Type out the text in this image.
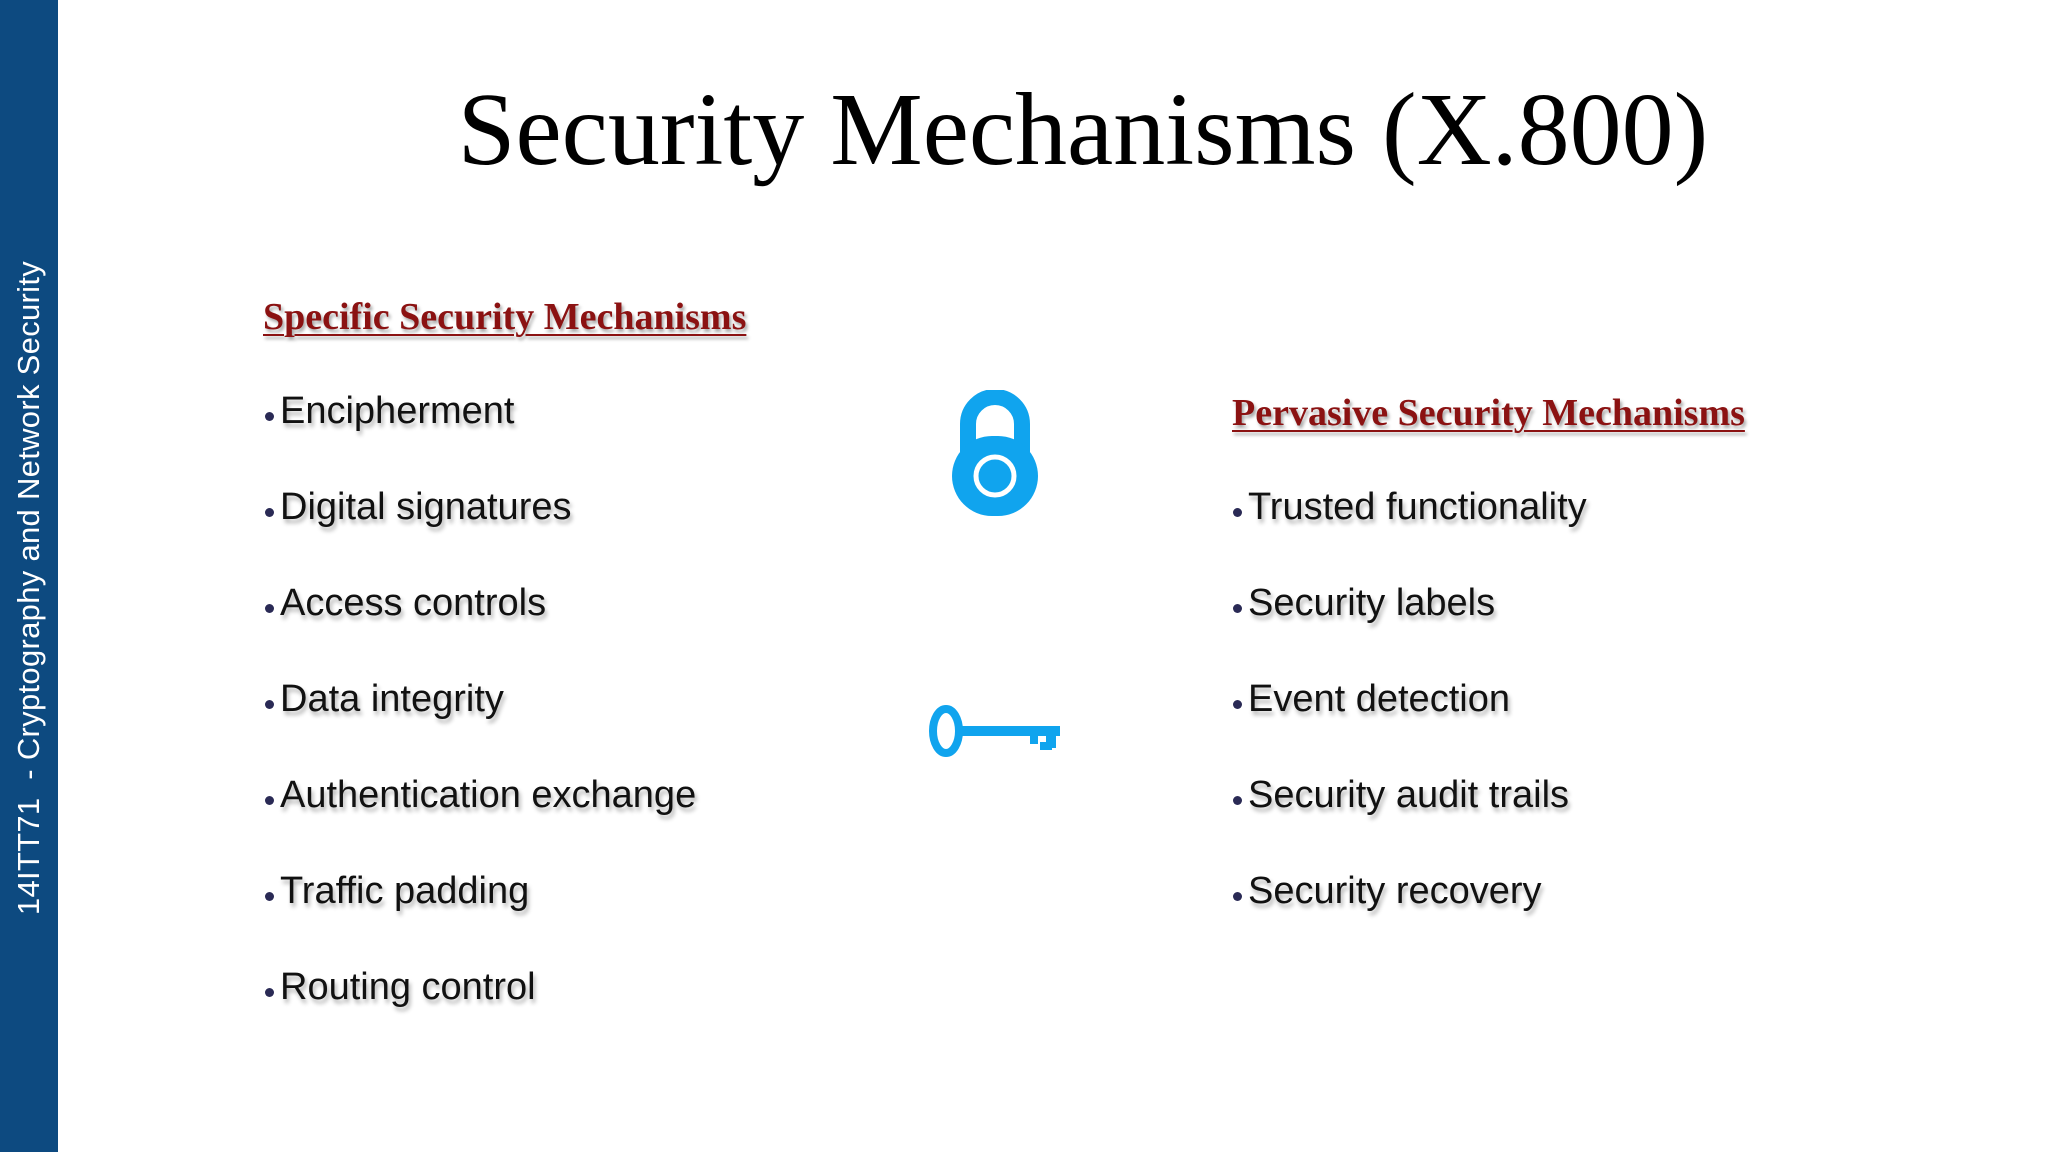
14ITT71  - Cryptography and Network Security
Security Mechanisms (X.800)
Specific Security Mechanisms
Encipherment
Digital signatures
Access controls
Data integrity
Authentication exchange
Traffic padding
Routing control
Pervasive Security Mechanisms
Trusted functionality
Security labels
Event detection
Security audit trails
Security recovery
